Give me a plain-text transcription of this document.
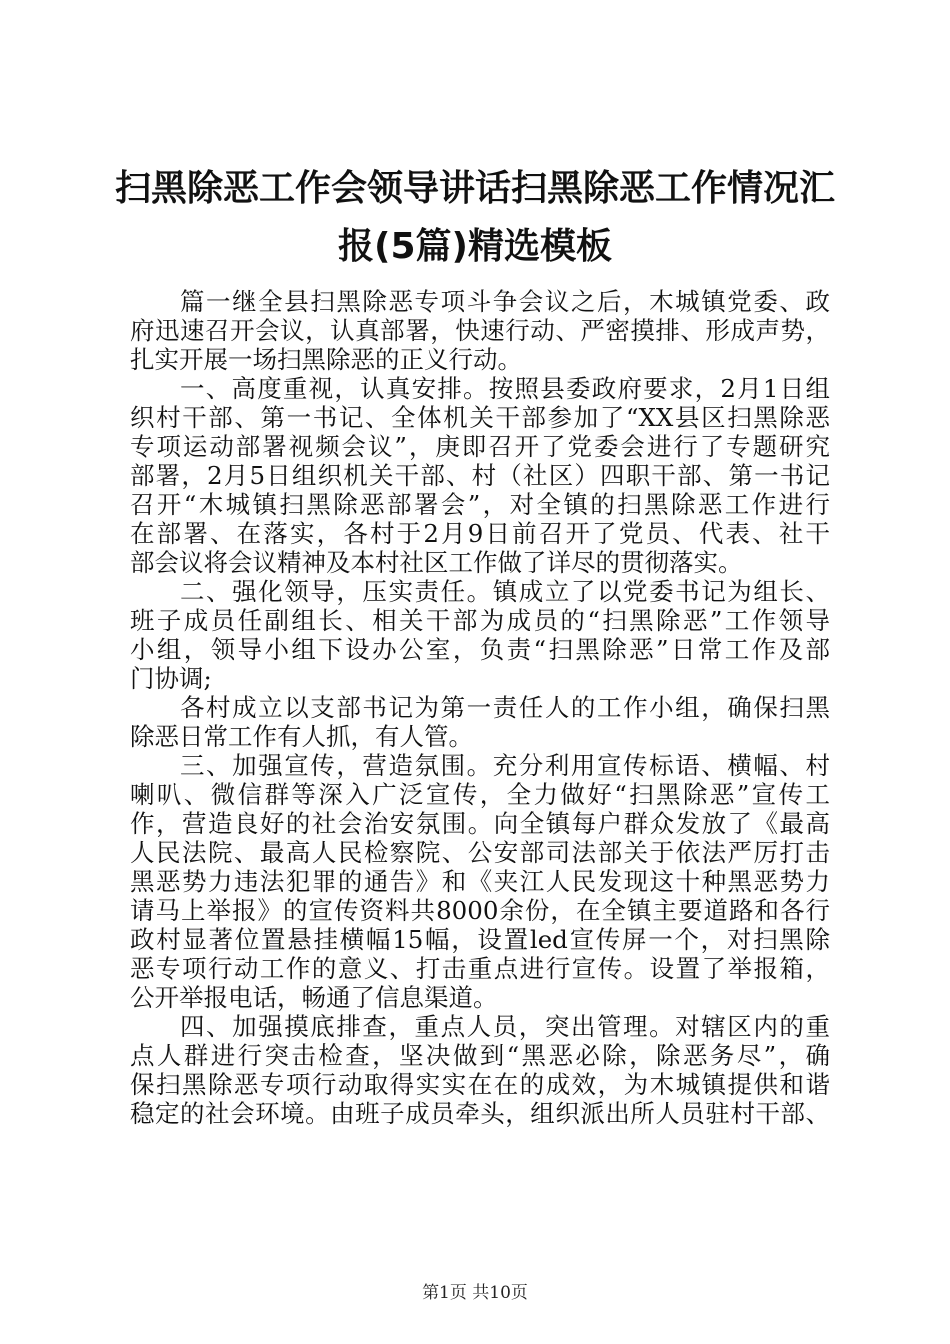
扫黑除恶工作会领导讲话扫黑除恶工作情况汇
报(5篇)精选模板
篇一继全县扫黑除恶专项斗争会议之后，木城镇党委、政
府迅速召开会议，认真部署，快速行动、严密摸排、形成声势，
扎实开展一场扫黑除恶的正义行动。
一、高度重视，认真安排。按照县委政府要求，2月1日组
织村干部、第一书记、全体机关干部参加了“XX县区扫黑除恶
专项运动部署视频会议”，庚即召开了党委会进行了专题研究
部署，2月5日组织机关干部、村（社区）四职干部、第一书记
召开“木城镇扫黑除恶部署会”，对全镇的扫黑除恶工作进行
在部署、在落实，各村于2月9日前召开了党员、代表、社干
部会议将会议精神及本村社区工作做了详尽的贯彻落实。
二、强化领导，压实责任。镇成立了以党委书记为组长、
班子成员任副组长、相关干部为成员的“扫黑除恶”工作领导
小组，领导小组下设办公室，负责“扫黑除恶”日常工作及部
门协调;
各村成立以支部书记为第一责任人的工作小组，确保扫黑
除恶日常工作有人抓，有人管。
三、加强宣传，营造氛围。充分利用宣传标语、横幅、村
喇叭、微信群等深入广泛宣传，全力做好“扫黑除恶”宣传工
作，营造良好的社会治安氛围。向全镇每户群众发放了《最高
人民法院、最高人民检察院、公安部司法部关于依法严厉打击
黑恶势力违法犯罪的通告》和《夹江人民发现这十种黑恶势力
请马上举报》的宣传资料共8000余份，在全镇主要道路和各行
政村显著位置悬挂横幅15幅，设置led宣传屏一个，对扫黑除
恶专项行动工作的意义、打击重点进行宣传。设置了举报箱，
公开举报电话，畅通了信息渠道。
四、加强摸底排查，重点人员，突出管理。对辖区内的重
点人群进行突击检查，坚决做到“黑恶必除，除恶务尽”，确
保扫黑除恶专项行动取得实实在在的成效，为木城镇提供和谐
稳定的社会环境。由班子成员牵头，组织派出所人员驻村干部、
第1页 共10页
